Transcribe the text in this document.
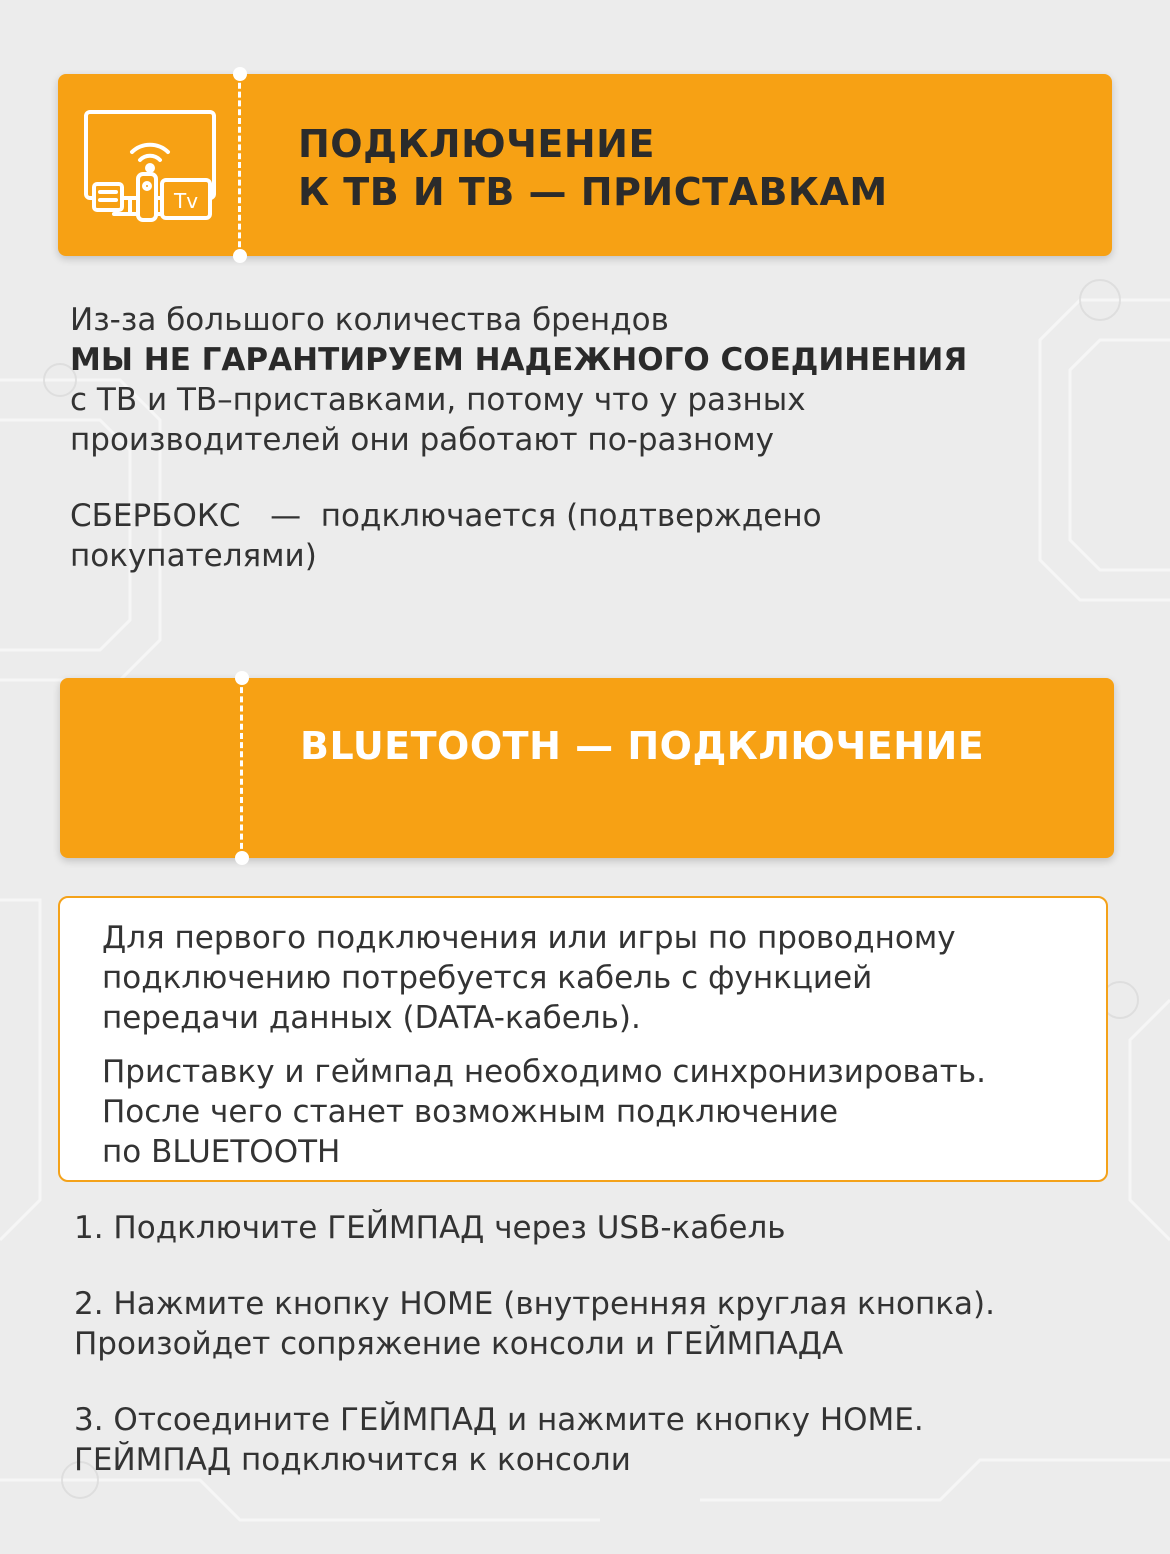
Tv
ПОДКЛЮЧЕНИЕ
К ТВ И ТВ — ПРИСТАВКАМ
Из-за большого количества брендов
МЫ НЕ ГАРАНТИРУЕМ НАДЕЖНОГО СОЕДИНЕНИЯ
с ТВ и ТВ–приставками, потому что у разных
производителей они работают по-разному
СБЕРБОКС   —  подключается (подтверждено
покупателями)
BLUETOOTH — ПОДКЛЮЧЕНИЕ
Для первого подключения или игры по проводному
подключению потребуется кабель с функцией
передачи данных (DATA-кабель).
Приставку и геймпад необходимо синхронизировать.
После чего станет возможным подключение
по BLUETOOTH
1. Подключите ГЕЙМПАД через USB-кабель
2. Нажмите кнопку HOME (внутренняя круглая кнопка).
Произойдет сопряжение консоли и ГЕЙМПАДА
3. Отсоедините ГЕЙМПАД и нажмите кнопку HOME.
ГЕЙМПАД подключится к консоли
